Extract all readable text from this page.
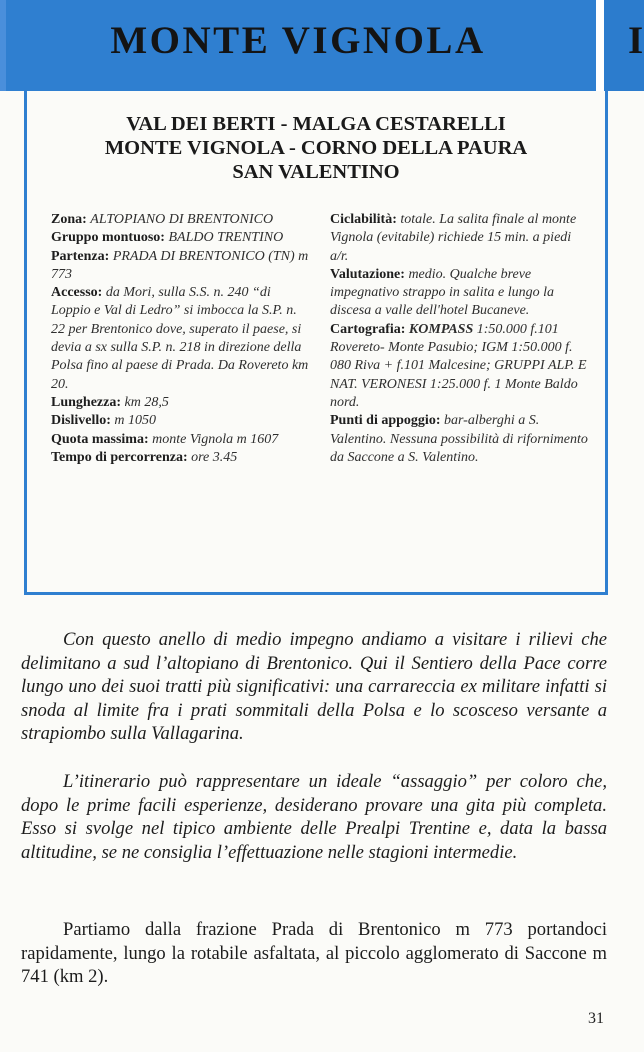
MONTE VIGNOLA	I
VAL DEI BERTI - MALGA CESTARELLI
MONTE VIGNOLA - CORNO DELLA PAURA
SAN VALENTINO

Zona: ALTOPIANO DI BRENTONICO

Gruppo montuoso: BALDO TRENTINO

Partenza: PRADA DI BRENTONICO (TN) m 773

Accesso: da Mori, sulla S.S. n. 240 “di Loppio e Val di Ledro” si imbocca la S.P. n. 22 per Brentonico dove, superato il paese, si devia a sx sulla S.P. n. 218 in direzione della Polsa fino al paese di Prada. Da Rovereto km 20.

Lunghezza: km 28,5

Dislivello: m 1050

Quota massima: monte Vignola m 1607

Tempo di percorrenza: ore 3.45

Ciclabilità: totale. La salita finale al monte Vignola (evitabile) richiede 15 min. a piedi a/r.

Valutazione: medio. Qualche breve impegnativo strappo in salita e lungo la discesa a valle dell'hotel Bucaneve.

Cartografia: KOMPASS 1:50.000 f.101 Rovereto- Monte Pasubio; IGM 1:50.000 f. 080 Riva + f.101 Malcesine; GRUPPI ALP. E NAT. VERONESI 1:25.000 f. 1 Monte Baldo nord.

Punti di appoggio: bar-alberghi a S. Valentino. Nessuna possibilità di rifornimento da Saccone a S. Valentino.

Con questo anello di medio impegno andiamo a visitare i rilievi che delimitano a sud l’altopiano di Brentonico. Qui il Sentiero della Pace corre lungo uno dei suoi tratti più significativi: una carrareccia ex militare infatti si snoda al limite fra i prati sommitali della Polsa e lo scosceso versante a strapiombo sulla Vallagarina.
L’itinerario può rappresentare un ideale “assaggio” per coloro che, dopo le prime facili esperienze, desiderano provare una gita più completa. Esso si svolge nel tipico ambiente delle Prealpi Trentine e, data la bassa altitudine, se ne consiglia l’effettuazione nelle stagioni intermedie.
Partiamo dalla frazione Prada di Brentonico m 773 portandoci rapidamente, lungo la rotabile asfaltata, al piccolo agglomerato di Saccone m 741 (km 2).
31
